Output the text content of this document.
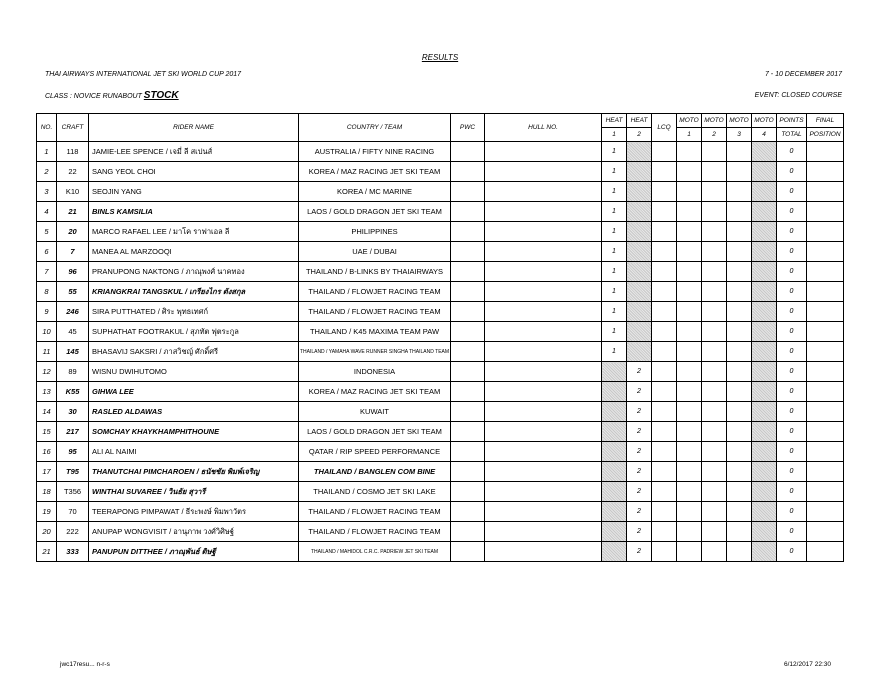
RESULTS
THAI AIRWAYS INTERNATIONAL JET SKI WORLD CUP 2017	7 - 10 DECEMBER 2017
CLASS : NOVICE RUNABOUT STOCK	EVENT: CLOSED COURSE
NO.	CRAFT	RIDER NAME	COUNTRY / TEAM	PWC	HULL NO.	HEAT	HEAT	LCQ	MOTO	MOTO	MOTO	MOTO	POINTS	FINAL
						1	2		1	2	3	4	TOTAL	POSITION
1	118	JAMIE-LEE SPENCE / เจมี่ ลี สเปนส์	AUSTRALIA / FIFTY NINE RACING			1							0	
2	22	SANG YEOL CHOI	KOREA / MAZ RACING JET SKI TEAM			1							0	
3	K10	SEOJIN YANG	KOREA / MC MARINE			1							0	
4	21	BINLS KAMSILIA	LAOS / GOLD DRAGON JET SKI TEAM			1							0	
5	20	MARCO RAFAEL LEE / มาโค ราฟาเอล ลี	PHILIPPINES			1							0	
6	7	MANEA AL MARZOOQI	UAE / DUBAI			1							0	
7	96	PRANUPONG NAKTONG / ภาณุพงศ์ นาคทอง	THAILAND / B-LINKS BY THAIAIRWAYS			1							0	
8	55	KRIANGKRAI TANGSKUL / เกรียงไกร ตังสกุล	THAILAND / FLOWJET RACING TEAM			1							0	
9	246	SIRA PUTTHATED / ศิระ พุทธเทศก์	THAILAND / FLOWJET RACING TEAM			1							0	
10	45	SUPHATHAT FOOTRAKUL / สุภทัต ฟุตระกูล	THAILAND / K45 MAXIMA TEAM PAW			1							0	
11	145	BHASAVIJ SAKSRI / ภาสวิชญ์ ศักดิ์ศรี	THAILAND / YAMAHA WAVE RUNNER SINGHA THAILAND TEAM			1							0	
12	89	WISNU DWIHUTOMO	INDONESIA				2						0	
13	K55	GIHWA LEE	KOREA / MAZ RACING JET SKI TEAM				2						0	
14	30	RASLED ALDAWAS	KUWAIT				2						0	
15	217	SOMCHAY KHAYKHAMPHITHOUNE	LAOS / GOLD DRAGON JET SKI TEAM				2						0	
16	95	ALI AL NAIMI	QATAR / RIP SPEED PERFORMANCE				2						0	
17	T95	THANUTCHAI PIMCHAROEN / ธนัชชัย พิมพ์เจริญ	THAILAND / BANGLEN COM BINE				2						0	
18	T356	WINTHAI SUVAREE / วินธัย สุวารี	THAILAND / COSMO JET SKI LAKE				2						0	
19	70	TEERAPONG PIMPAWAT / ธีระพงษ์ พิมพาวัตร	THAILAND / FLOWJET RACING TEAM				2						0	
20	222	ANUPAP WONGVISIT / อานุภาพ วงศ์วิศิษฐ์	THAILAND / FLOWJET RACING TEAM				2						0	
21	333	PANUPUN DITTHEE / ภาณุพันธ์ ดิษฐี	THAILAND / MAHIDOL C.R.C. PADRIEW JET SKI TEAM				2						0	
jwc17resu... n-r-s	6/12/2017 22:30
